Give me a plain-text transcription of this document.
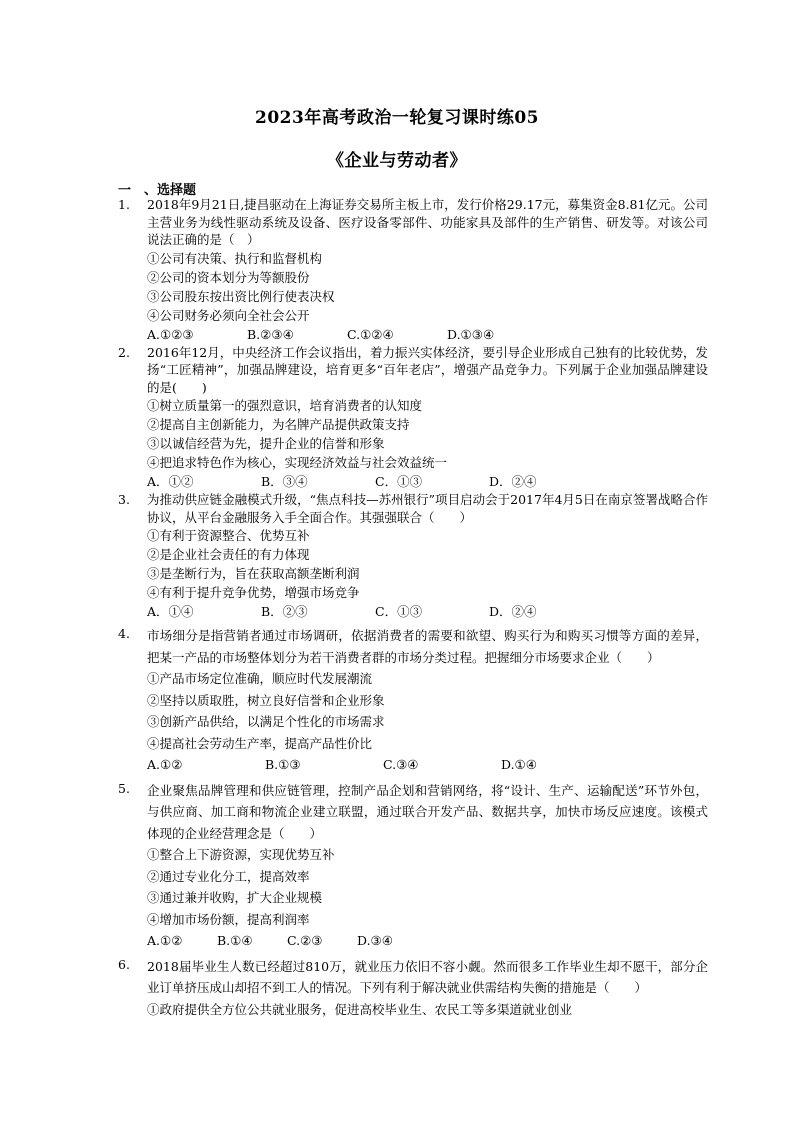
2023年高考政治一轮复习课时练05
《企业与劳动者》
一　、选择题
1.	2018年9月21日,捷昌驱动在上海证券交易所主板上市，发行价格29.17元，募集资金8.81亿元。公司主营业务为线性驱动系统及设备、医疗设备零部件、功能家具及部件的生产销售、研发等。对该公司说法正确的是（　）
①公司有决策、执行和监督机构
②公司的资本划分为等额股份
③公司股东按出资比例行使表决权
④公司财务必须向全社会公开
A.①②③	B.②③④	C.①②④	D.①③④
2.	2016年12月，中央经济工作会议指出，着力振兴实体经济，要引导企业形成自己独有的比较优势，发扬“工匠精神”，加强品牌建设，培育更多“百年老店”，增强产品竞争力。下列属于企业加强品牌建设的是(　　)
①树立质量第一的强烈意识，培育消费者的认知度
②提高自主创新能力，为名牌产品提供政策支持
③以诚信经营为先，提升企业的信誉和形象
④把追求特色作为核心，实现经济效益与社会效益统一
A．①②	B．③④	C．①③	D．②④
3.	为推动供应链金融模式升级，“焦点科技—苏州银行”项目启动会于2017年4月5日在南京签署战略合作协议，从平台金融服务入手全面合作。其强强联合（　　）
①有利于资源整合、优势互补
②是企业社会责任的有力体现
③是垄断行为，旨在获取高额垄断利润
④有利于提升竞争优势，增强市场竞争
A．①④	B．②③	C．①③	D．②④
4.	市场细分是指营销者通过市场调研，依据消费者的需要和欲望、购买行为和购买习惯等方面的差异，把某一产品的市场整体划分为若干消费者群的市场分类过程。把握细分市场要求企业（　　）
①产品市场定位准确，顺应时代发展潮流
②坚持以质取胜，树立良好信誉和企业形象
③创新产品供给，以满足个性化的市场需求
④提高社会劳动生产率，提高产品性价比
A.①②	B.①③	C.③④	D.①④
5.	企业聚焦品牌管理和供应链管理，控制产品企划和营销网络，将“设计、生产、运输配送”环节外包，与供应商、加工商和物流企业建立联盟，通过联合开发产品、数据共享，加快市场反应速度。该模式体现的企业经营理念是（　　）
①整合上下游资源，实现优势互补
②通过专业化分工，提高效率
③通过兼并收购，扩大企业规模
④增加市场份额，提高利润率
A.①②	B.①④	C.②③	D.③④
6.	2018届毕业生人数已经超过810万，就业压力依旧不容小觑。然而很多工作毕业生却不愿干，部分企业订单挤压成山却招不到工人的情况。下列有利于解决就业供需结构失衡的措施是（　　）
①政府提供全方位公共就业服务，促进高校毕业生、农民工等多渠道就业创业
